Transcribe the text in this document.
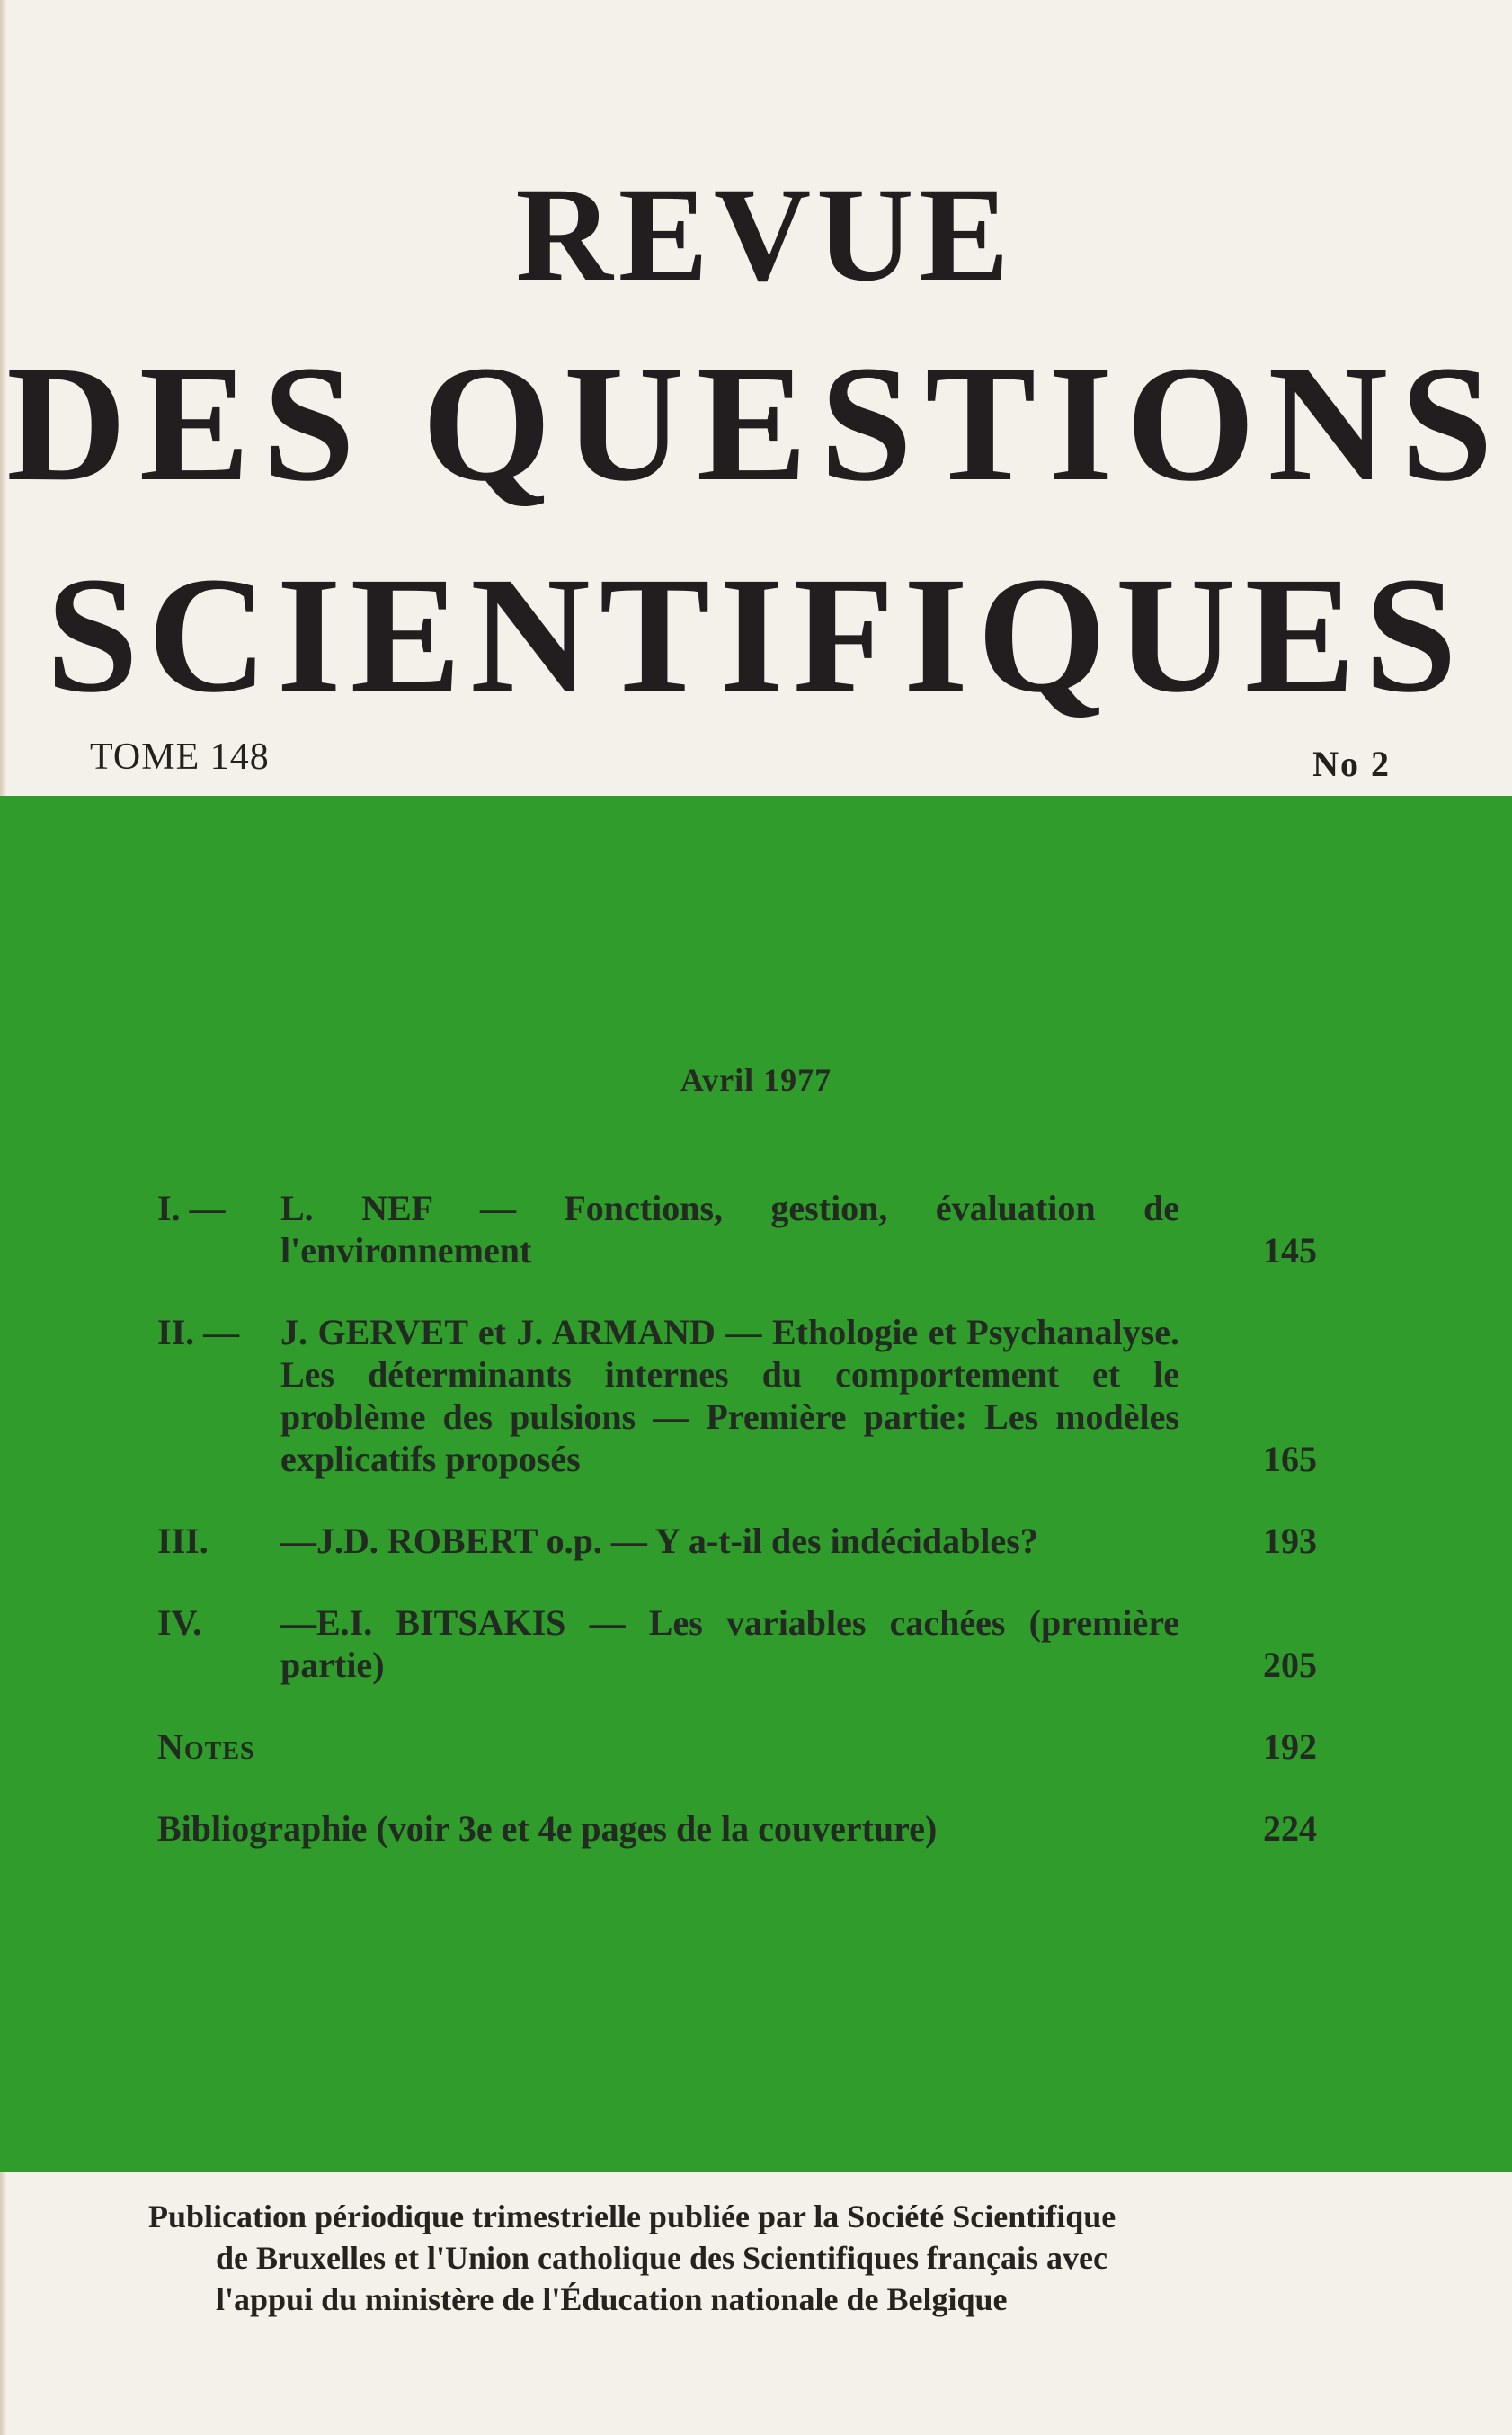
REVUE
DES QUESTIONS
SCIENTIFIQUES
TOME 148	No 2
Avril 1977
I. — L. NEF — Fonctions, gestion, évaluation de l'environnement	145
II. — J. GERVET et J. ARMAND — Ethologie et Psychanalyse. Les déterminants internes du comportement et le problème des pulsions — Première partie: Les modèles explicatifs proposés	165
III. —J.D. ROBERT o.p. — Y a-t-il des indécidables?	193
IV. —E.I. BITSAKIS — Les variables cachées (première partie)	205
Notes	192
Bibliographie (voir 3e et 4e pages de la couverture)	224
Publication périodique trimestrielle publiée par la Société Scientifique
de Bruxelles et l'Union catholique des Scientifiques français avec
l'appui du ministère de l'Éducation nationale de Belgique
